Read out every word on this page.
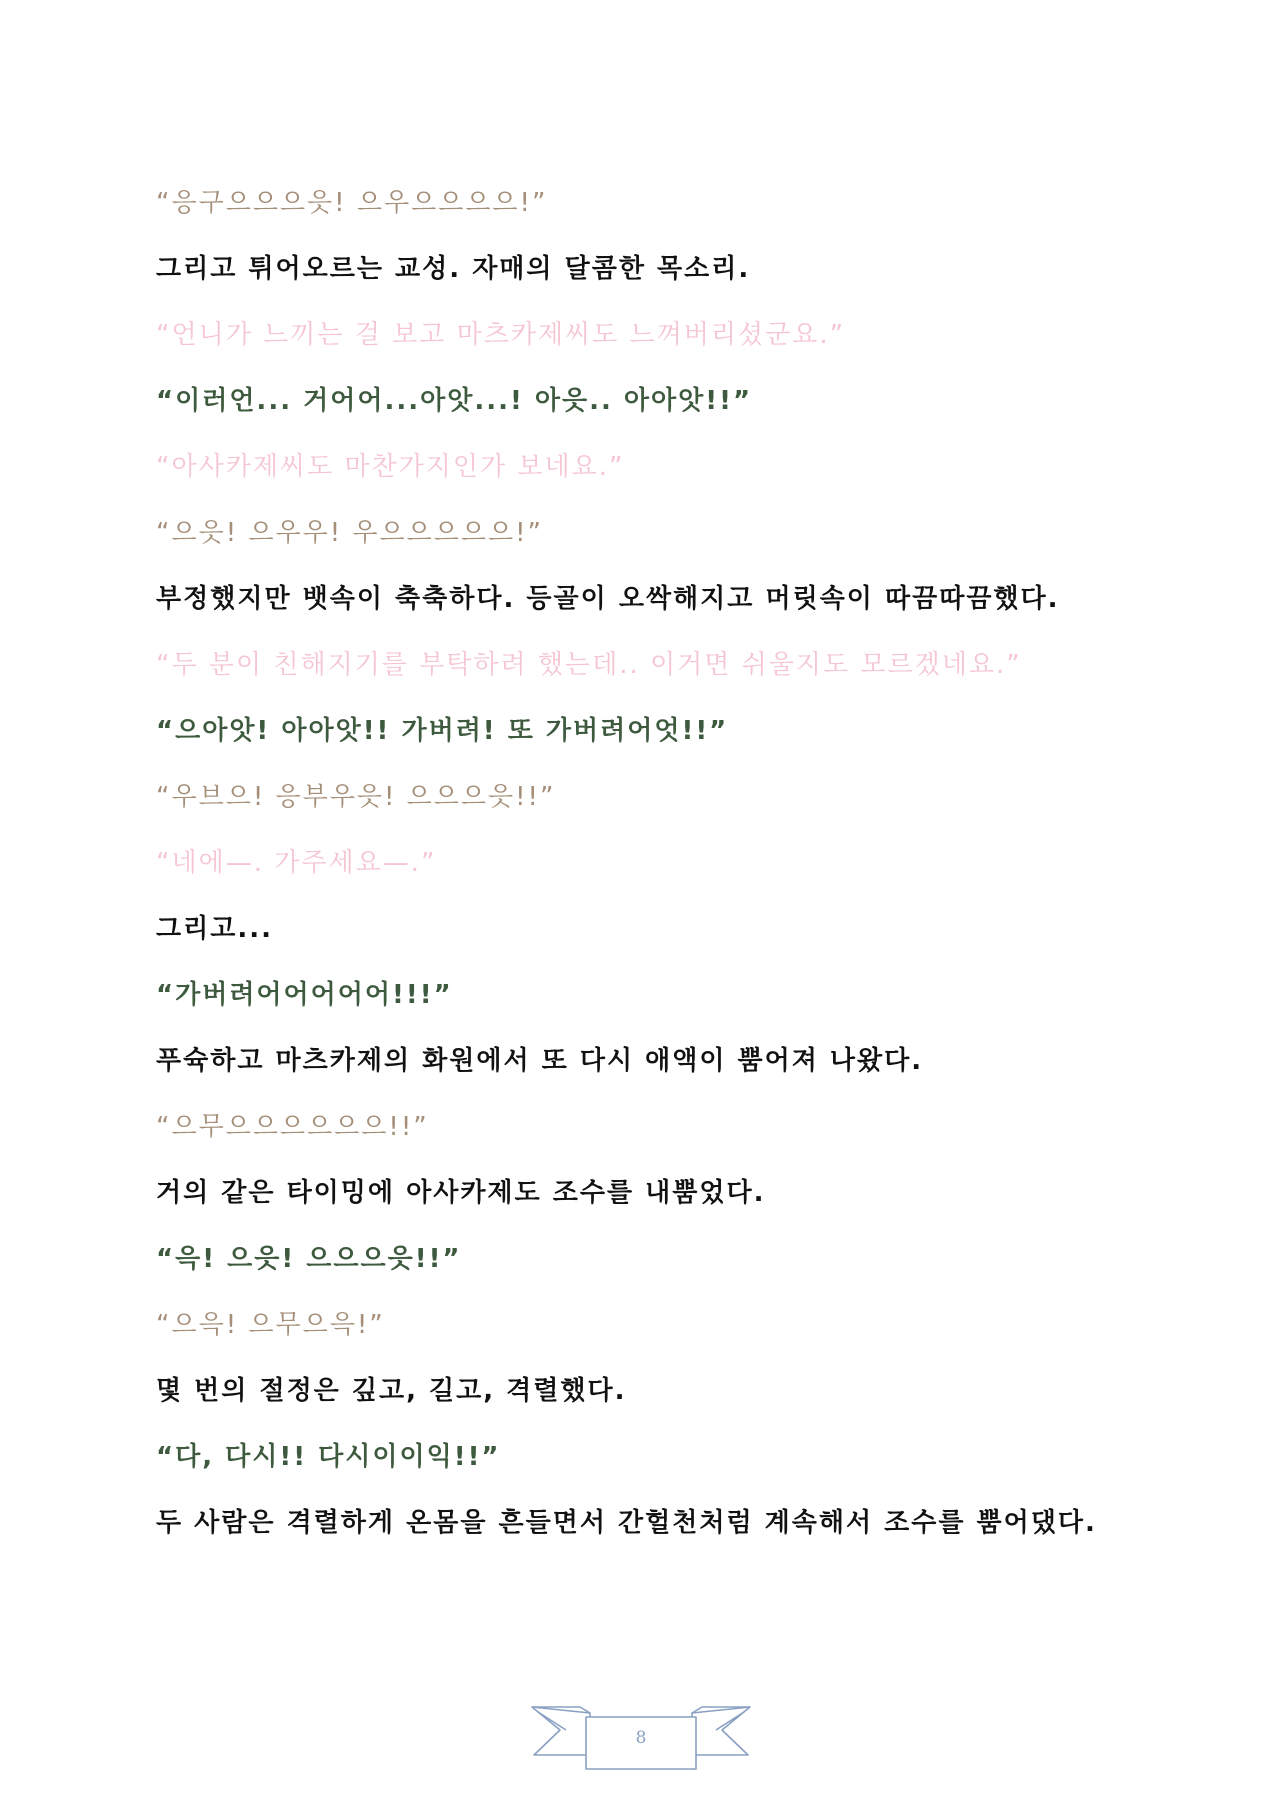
“응구으으으읏! 으우으으으으!”
그리고 튀어오르는 교성. 자매의 달콤한 목소리.
“언니가 느끼는 걸 보고 마츠카제씨도 느껴버리셨군요.”
“이러언... 거어어...아앗...! 아읏.. 아아앗!!”
“아사카제씨도 마찬가지인가 보네요.”
“으읏! 으우우! 우으으으으으!”
부정했지만 뱃속이 축축하다. 등골이 오싹해지고 머릿속이 따끔따끔했다.
“두 분이 친해지기를 부탁하려 했는데.. 이거면 쉬울지도 모르겠네요.”
“으아앗! 아아앗!! 가버려! 또 가버려어엇!!”
“우브으! 응부우읏! 으으으읏!!”
“네에—. 가주세요—.”
그리고...
“가버려어어어어어!!!”
푸슉하고 마츠카제의 화원에서 또 다시 애액이 뿜어져 나왔다.
“으무으으으으으으!!”
거의 같은 타이밍에 아사카제도 조수를 내뿜었다.
“윽! 으읏! 으으으읏!!”
“으윽! 으무으윽!”
몇 번의 절정은 깊고, 길고, 격렬했다.
“다, 다시!! 다시이이익!!”
두 사람은 격렬하게 온몸을 흔들면서 간헐천처럼 계속해서 조수를 뿜어댔다.
8
